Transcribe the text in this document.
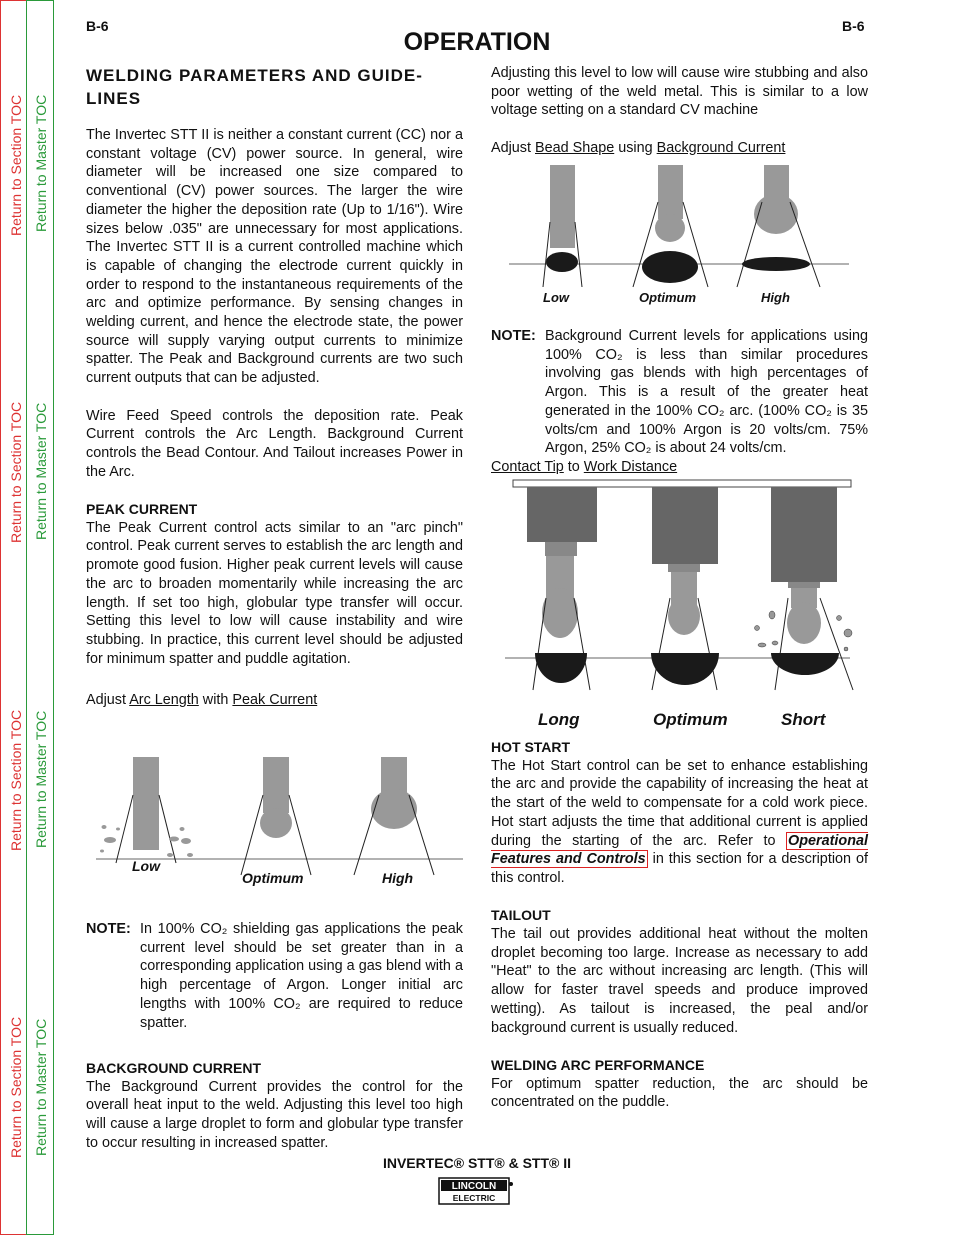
Return to Section TOC Return to Master TOC
Return to Section TOC Return to Master TOC
Return to Section TOC Return to Master TOC
Return to Section TOC Return to Master TOC
B-6	B-6
OPERATION
WELDING PARAMETERS AND GUIDE-LINES

The Invertec STT II is neither a constant current (CC) nor a constant voltage (CV) power source. In general, wire diameter will be increased one size compared to conventional (CV) power sources. The larger the wire diameter the higher the deposition rate (Up to 1/16"). Wire sizes below .035" are unnecessary for most applications. The Invertec STT II is a current controlled machine which is capable of changing the electrode current quickly in order to respond to the instantaneous requirements of the arc and optimize performance. By sensing changes in welding current, and hence the electrode state, the power source will supply varying output currents to minimize spatter. The Peak and Background currents are two such current outputs that can be adjusted.

Wire Feed Speed controls the deposition rate. Peak Current controls the Arc Length. Background Current controls the Bead Contour. And Tailout increases Power in the Arc.

PEAK CURRENT

The Peak Current control acts similar to an "arc pinch" control. Peak current serves to establish the arc length and promote good fusion. Higher peak current levels will cause the arc to broaden momentarily while increasing the arc length. If set too high, globular type transfer will occur. Setting this level to low will cause instability and wire stubbing. In practice, this current level should be adjusted for minimum spatter and puddle agitation.

Adjust Arc Length with Peak Current
Low
Optimum	High
NOTE: In 100% CO₂ shielding gas applications the peak current level should be set greater than in a corresponding application using a gas blend with a high percentage of Argon. Longer initial arc lengths with 100% CO₂ are required to reduce spatter.
BACKGROUND CURRENT

The Background Current provides the control for the overall heat input to the weld. Adjusting this level too high will cause a large droplet to form and globular type transfer to occur resulting in increased spatter.

Adjusting this level to low will cause wire stubbing and also poor wetting of the weld metal. This is similar to a low voltage setting on a standard CV machine

Adjust Bead Shape using Background Current
Low	Optimum	High
NOTE: Background Current levels for applications using 100% CO₂ is less than similar procedures involving gas blends with high percentages of Argon. This is a result of the greater heat generated in the 100% CO₂ arc. (100% CO₂ is 35 volts/cm and 100% Argon is 20 volts/cm. 75% Argon, 25% CO₂ is about 24 volts/cm.
Contact Tip to Work Distance
Long	Optimum	Short
HOT START

The Hot Start control can be set to enhance establishing the arc and provide the capability of increasing the heat at the start of the weld to compensate for a cold work piece. Hot start adjusts the time that additional current is applied during the starting of the arc. Refer to Operational Features and Controls in this section for a description of this control.

TAILOUT

The tail out provides additional heat without the molten droplet becoming too large. Increase as necessary to add "Heat" to the arc without increasing arc length. (This will allow for faster travel speeds and produce improved wetting). As tailout is increased, the peal and/or background current is usually reduced.

WELDING ARC PERFORMANCE

For optimum spatter reduction, the arc should be concentrated on the puddle.

INVERTEC® STT® & STT® II
LINCOLN
ELECTRIC
